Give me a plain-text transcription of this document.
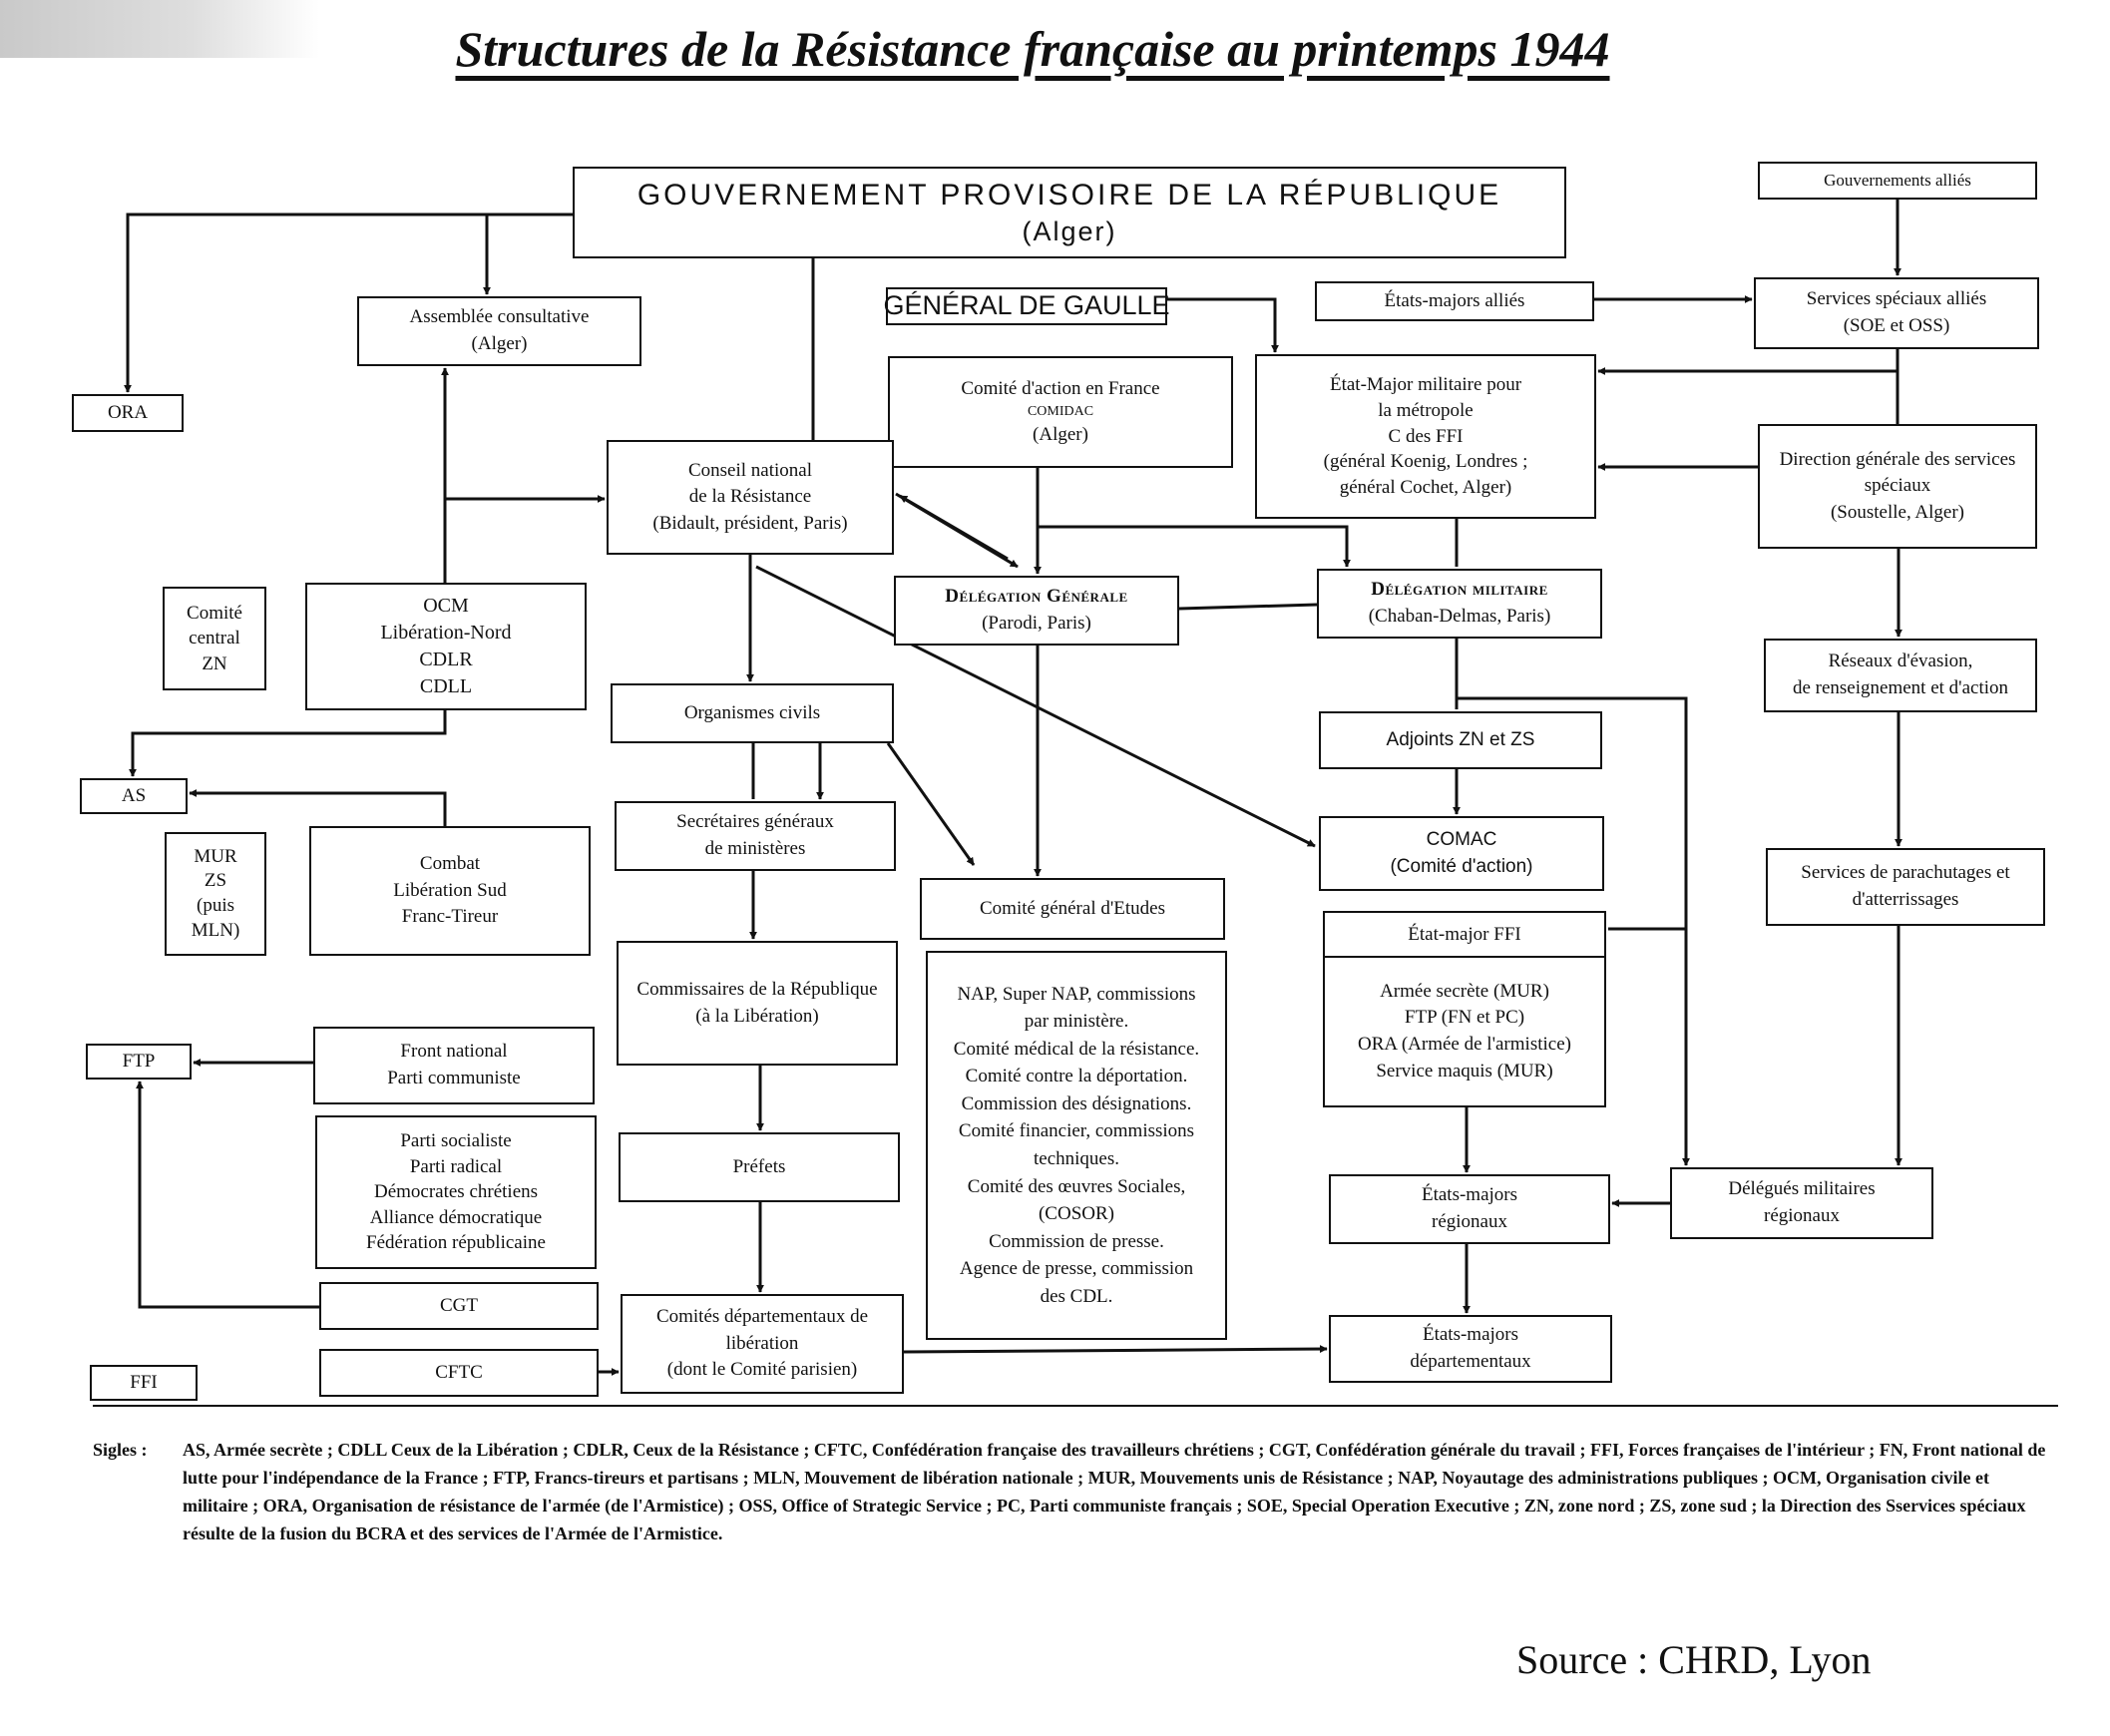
Structures de la Résistance française au printemps 1944
GOUVERNEMENT PROVISOIRE DE LA RÉPUBLIQUE
(Alger)
Gouvernements alliés
GÉNÉRAL DE GAULLE	États-majors alliés	Services spéciaux alliés
(SOE et OSS)
Assemblée consultative
(Alger)
ORA
Comité d'action en France
COMIDAC
(Alger)
État-Major militaire pour
la métropole
C des FFI
(général Koenig, Londres ;
général Cochet, Alger)
Direction générale des services
spéciaux
(Soustelle, Alger)
Conseil national
de la Résistance
(Bidault, président, Paris)
Délégation Générale
(Parodi, Paris)
Délégation militaire
(Chaban-Delmas, Paris)
Comité
central
ZN
OCM
Libération-Nord
CDLR
CDLL
Réseaux d'évasion,
de renseignement et d'action
Organismes civils
Adjoints ZN et ZS
AS
MUR
ZS
(puis
MLN)
Combat
Libération Sud
Franc-Tireur
Secrétaires généraux
de ministères	COMAC
(Comité d'action)	Services de parachutages et
d'atterrissages
Comité général d'Etudes
État-major FFI
Armée secrète (MUR)
FTP (FN et PC)
ORA (Armée de l'armistice)
Service maquis (MUR)
Commissaires de la République
(à la Libération)
NAP, Super NAP, commissions
par ministère.
Comité médical de la résistance.
Comité contre la déportation.
Commission des désignations.
Comité financier, commissions
techniques.
Comité des œuvres Sociales,
(COSOR)
Commission de presse.
Agence de presse, commission
des CDL.
FTP	Front national
Parti communiste
Parti socialiste
Parti radical
Démocrates chrétiens
Alliance démocratique
Fédération républicaine
Préfets
États-majors
régionaux
Délégués militaires
régionaux
CGT
Comités départementaux de
libération
(dont le Comité parisien)
États-majors
départementaux
FFI	CFTC
Sigles : AS, Armée secrète ; CDLL Ceux de la Libération ; CDLR, Ceux de la Résistance ; CFTC, Confédération française des travailleurs chrétiens ; CGT, Confédération générale du travail ; FFI, Forces françaises de l'intérieur ; FN, Front national de lutte pour l'indépendance de la France ; FTP, Francs-tireurs et partisans ; MLN, Mouvement de libération nationale ; MUR, Mouvements unis de Résistance ; NAP, Noyautage des administrations publiques ; OCM, Organisation civile et militaire ; ORA, Organisation de résistance de l'armée (de l'Armistice) ; OSS, Office of Strategic Service ; PC, Parti communiste français ; SOE, Special Operation Executive ; ZN, zone nord ; ZS, zone sud ; la Direction des Sservices spéciaux résulte de la fusion du BCRA et des services de l'Armée de l'Armistice.
Source : CHRD, Lyon
